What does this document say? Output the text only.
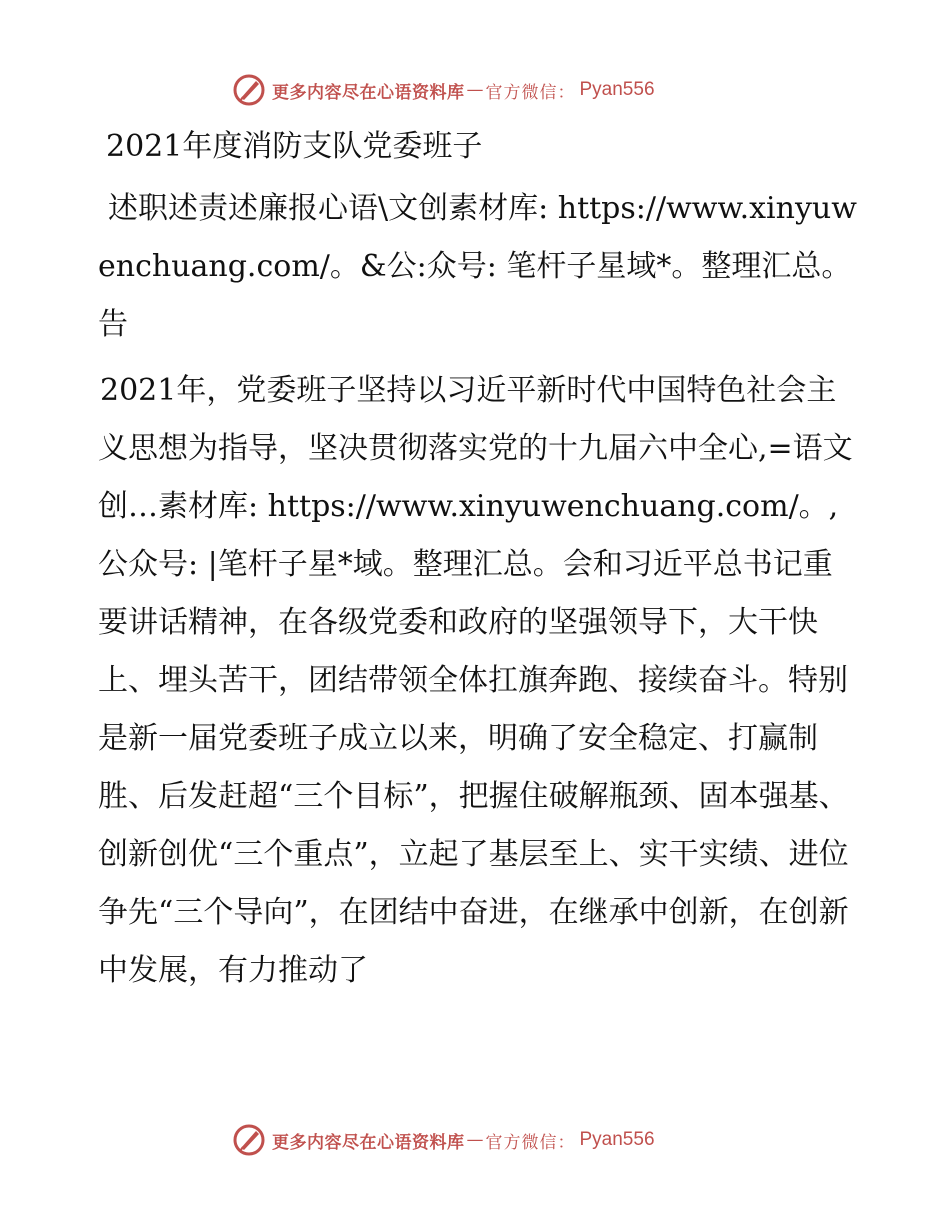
更多内容尽在心语资料库 — 官方微信： Pyan556

2021年度消防支队党委班子

述职述责述廉报心语\文创素材库: https://www.xinyuwenchuang.com/。&公:众号: 笔杆子星域*。整理汇总。告

2021年，党委班子坚持以习近平新时代中国特色社会主义思想为指导，坚决贯彻落实党的十九届六中全心,=语文创…素材库: https://www.xinyuwenchuang.com/。,公众号: |笔杆子星*域。整理汇总。会和习近平总书记重要讲话精神，在各级党委和政府的坚强领导下，大干快上、埋头苦干，团结带领全体扛旗奔跑、接续奋斗。特别是新一届党委班子成立以来，明确了安全稳定、打赢制胜、后发赶超“三个目标”，把握住破解瓶颈、固本强基、创新创优“三个重点”，立起了基层至上、实干实绩、进位争先“三个导向”，在团结中奋进，在继承中创新，在创新中发展，有力推动了

更多内容尽在心语资料库 — 官方微信： Pyan556
